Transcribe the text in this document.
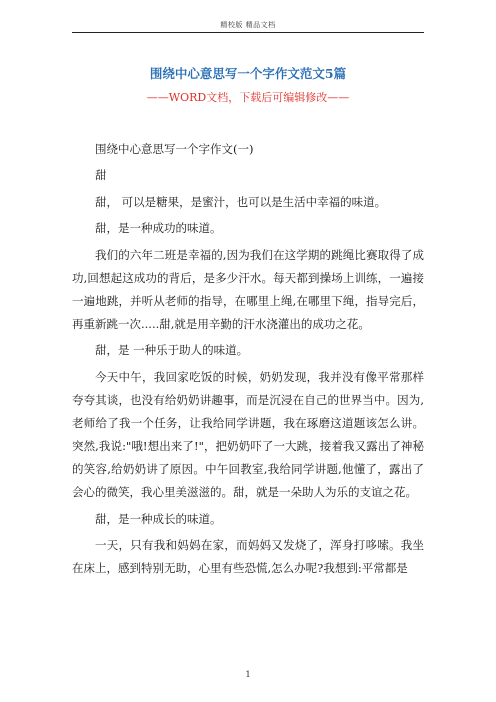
精校版 精品文档
围绕中心意思写一个字作文范文5篇
——WORD文档，下载后可编辑修改——

围绕中心意思写一个字作文(一)

甜

甜， 可以是糖果，是蜜汁，也可以是生活中幸福的味道。

甜，是一种成功的味道。

我们的六年二班是幸福的,因为我们在这学期的跳绳比赛取得了成功,回想起这成功的背后，是多少汗水。每天都到操场上训练，一遍接一遍地跳，并听从老师的指导，在哪里上绳,在哪里下绳，指导完后，再重新跳一次.....甜,就是用辛勤的汗水浇灌出的成功之花。

甜，是 一种乐于助人的味道。

今天中午，我回家吃饭的时候，奶奶发现，我并没有像平常那样夸夸其谈，也没有给奶奶讲趣事，而是沉浸在自己的世界当中。因为,老师给了我一个任务，让我给同学讲题，我在琢磨这道题该怎么讲。突然,我说:"哦!想出来了!"，把奶奶吓了一大跳，接着我又露出了神秘的笑容,给奶奶讲了原因。中午回教室,我给同学讲题,他懂了，露出了会心的微笑，我心里美滋滋的。甜，就是一朵助人为乐的支谊之花。

甜，是一种成长的味道。

一天，只有我和妈妈在家，而妈妈又发烧了，浑身打哆嗦。我坐在床上，感到特别无助，心里有些恐慌,怎么办呢?我想到:平常都是

1
